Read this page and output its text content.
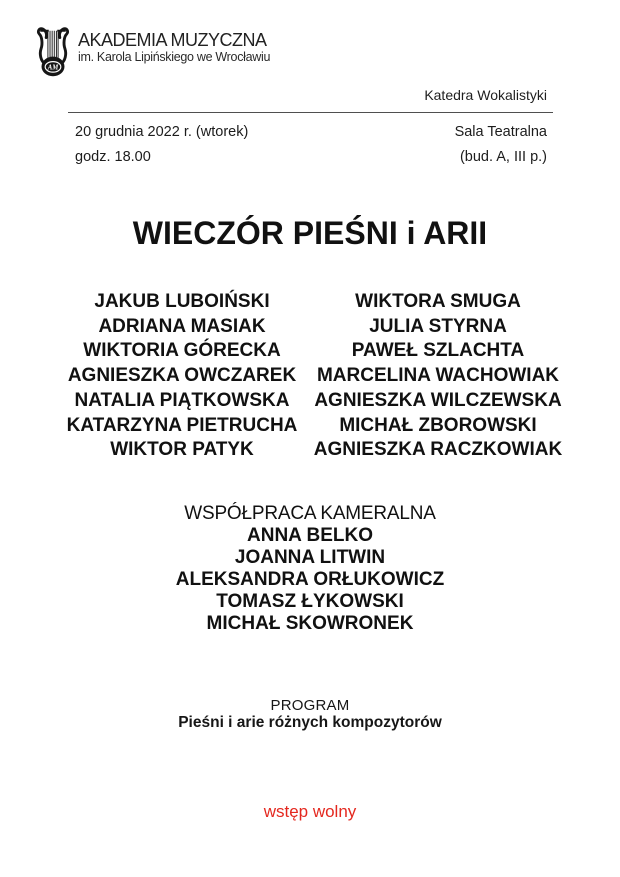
AM
AKADEMIA MUZYCZNA
im. Karola Lipińskiego we Wrocławiu
Katedra Wokalistyki
20 grudnia 2022 r. (wtorek)
godz. 18.00
Sala Teatralna
(bud. A, III p.)
WIECZÓR PIEŚNI i ARII
JAKUB LUBOIŃSKI
ADRIANA MASIAK
WIKTORIA GÓRECKA
AGNIESZKA OWCZAREK
NATALIA PIĄTKOWSKA
KATARZYNA PIETRUCHA
WIKTOR PATYK
WIKTORA SMUGA
JULIA STYRNA
PAWEŁ SZLACHTA
MARCELINA WACHOWIAK
AGNIESZKA WILCZEWSKA
MICHAŁ ZBOROWSKI
AGNIESZKA RACZKOWIAK
WSPÓŁPRACA KAMERALNA
ANNA BELKO
JOANNA LITWIN
ALEKSANDRA ORŁUKOWICZ
TOMASZ ŁYKOWSKI
MICHAŁ SKOWRONEK
PROGRAM
Pieśni i arie różnych kompozytorów
wstęp wolny
